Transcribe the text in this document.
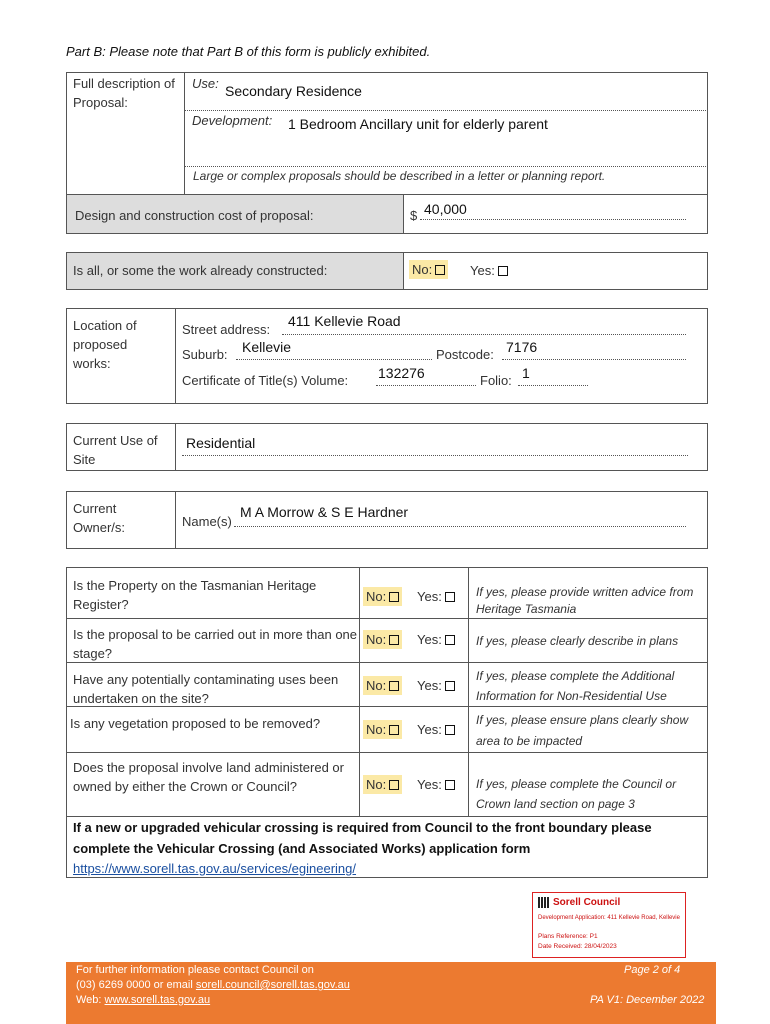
Part B: Please note that Part B of this form is publicly exhibited.
Full description of Proposal:
Use: Secondary Residence
Development: 1 Bedroom Ancillary unit for elderly parent
Large or complex proposals should be described in a letter or planning report.
Design and construction cost of proposal:	$ 40,000
Is all, or some the work already constructed:	No:	Yes:
Location of proposed works:
Street address:
411 Kellevie Road
Suburb: Kellevie	Postcode: 7176
Certificate of Title(s) Volume: 132276	Folio: 1
Current Use of Site
Residential
Current Owner/s:	Name(s)
M A Morrow & S E Hardner
Is the Property on the Tasmanian Heritage Register?
No:	Yes:	If yes, please provide written advice from Heritage Tasmania
Is the proposal to be carried out in more than one stage?
No:	Yes:	If yes, please clearly describe in plans
Have any potentially contaminating uses been undertaken on the site?
No:	Yes:
If yes, please complete the Additional Information for Non-Residential Use
Is any vegetation proposed to be removed?	No:	Yes:
If yes, please ensure plans clearly show area to be impacted
Does the proposal involve land administered or owned by either the Crown or Council?	No:	Yes:	If yes, please complete the Council or Crown land section on page 3
If a new or upgraded vehicular crossing is required from Council to the front boundary please complete the Vehicular Crossing (and Associated Works) application form
https://www.sorell.tas.gov.au/services/egineering/
Sorell Council
Development Application: 411 Kellevie Road, Kellevie
Plans Reference: P1
Date Received: 28/04/2023
For further information please contact Council on
(03) 6269 0000 or email sorell.council@sorell.tas.gov.au
Web: www.sorell.tas.gov.au
Page 2 of 4
PA V1: December 2022
